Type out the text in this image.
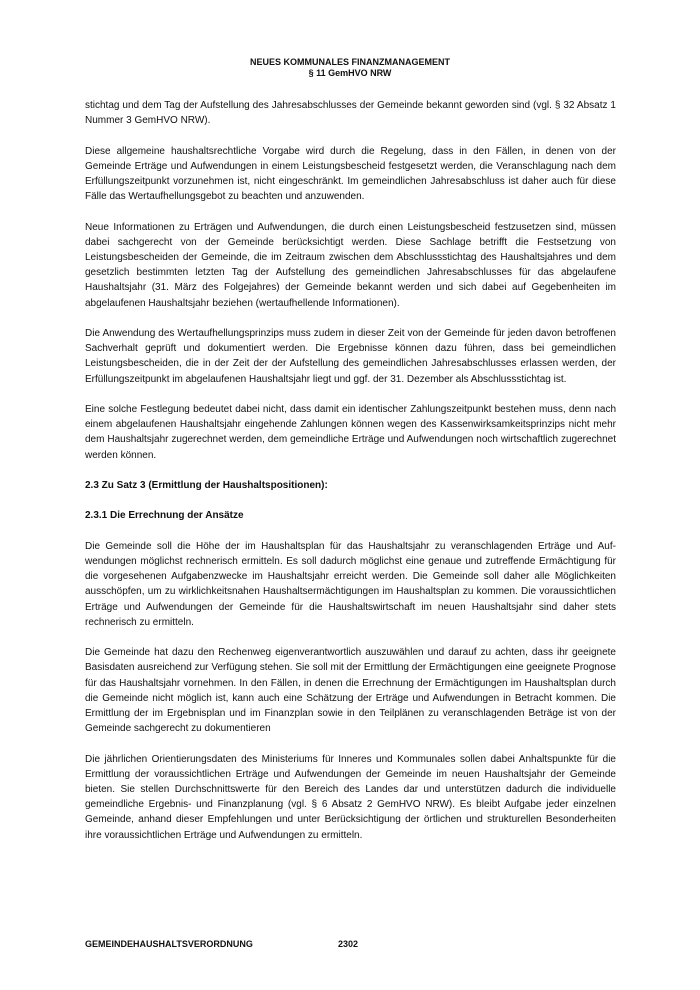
NEUES KOMMUNALES FINANZMANAGEMENT
§ 11 GemHVO NRW

stichtag und dem Tag der Aufstellung des Jahresabschlusses der Gemeinde bekannt geworden sind (vgl. § 32 Absatz 1 Nummer 3 GemHVO NRW).

Diese allgemeine haushaltsrechtliche Vorgabe wird durch die Regelung, dass in den Fällen, in denen von der Gemeinde Erträge und Aufwendungen in einem Leistungsbescheid festgesetzt werden, die Veranschlagung nach dem Erfüllungszeitpunkt vorzunehmen ist, nicht eingeschränkt. Im gemeindlichen Jahresabschluss ist daher auch für diese Fälle das Wertaufhellungsgebot zu beachten und anzuwenden.

Neue Informationen zu Erträgen und Aufwendungen, die durch einen Leistungsbescheid festzusetzen sind, müssen dabei sachgerecht von der Gemeinde berücksichtigt werden. Diese Sachlage betrifft die Festsetzung von Leistungsbescheiden der Gemeinde, die im Zeitraum zwischen dem Abschlussstichtag des Haushaltsjahres und dem gesetzlich bestimmten letzten Tag der Aufstellung des gemeindlichen Jahresabschlusses für das abgelaufene Haushaltsjahr (31. März des Folgejahres) der Gemeinde bekannt werden und sich dabei auf Gegebenheiten im abgelaufenen Haushaltsjahr beziehen (wertaufhellende Informationen).

Die Anwendung des Wertaufhellungsprinzips muss zudem in dieser Zeit von der Gemeinde für jeden davon betroffenen Sachverhalt geprüft und dokumentiert werden. Die Ergebnisse können dazu führen, dass bei gemeindlichen Leistungsbescheiden, die in der Zeit der der Aufstellung des gemeindlichen Jahresabschlusses erlassen werden, der Erfüllungszeitpunkt im abgelaufenen Haushaltsjahr liegt und ggf. der 31. Dezember als Abschlussstichtag ist.

Eine solche Festlegung bedeutet dabei nicht, dass damit ein identischer Zahlungszeitpunkt bestehen muss, denn nach einem abgelaufenen Haushaltsjahr eingehende Zahlungen können wegen des Kassenwirksamkeitsprinzips nicht mehr dem Haushaltsjahr zugerechnet werden, dem gemeindliche Erträge und Aufwendungen noch wirtschaftlich zugerechnet werden können.

2.3 Zu Satz 3 (Ermittlung der Haushaltspositionen):
2.3.1 Die Errechnung der Ansätze

Die Gemeinde soll die Höhe der im Haushaltsplan für das Haushaltsjahr zu veranschlagenden Erträge und Aufwendungen möglichst rechnerisch ermitteln. Es soll dadurch möglichst eine genaue und zutreffende Ermächtigung für die vorgesehenen Aufgabenzwecke im Haushaltsjahr erreicht werden. Die Gemeinde soll daher alle Möglichkeiten ausschöpfen, um zu wirklichkeitsnahen Haushaltsermächtigungen im Haushaltsplan zu kommen. Die voraussichtlichen Erträge und Aufwendungen der Gemeinde für die Haushaltswirtschaft im neuen Haushaltsjahr sind daher stets rechnerisch zu ermitteln.

Die Gemeinde hat dazu den Rechenweg eigenverantwortlich auszuwählen und darauf zu achten, dass ihr geeignete Basisdaten ausreichend zur Verfügung stehen. Sie soll mit der Ermittlung der Ermächtigungen eine geeignete Prognose für das Haushaltsjahr vornehmen. In den Fällen, in denen die Errechnung der Ermächtigungen im Haushaltsplan durch die Gemeinde nicht möglich ist, kann auch eine Schätzung der Erträge und Aufwendungen in Betracht kommen. Die Ermittlung der im Ergebnisplan und im Finanzplan sowie in den Teilplänen zu veranschlagenden Beträge ist von der Gemeinde sachgerecht zu dokumentieren

Die jährlichen Orientierungsdaten des Ministeriums für Inneres und Kommunales sollen dabei Anhaltspunkte für die Ermittlung der voraussichtlichen Erträge und Aufwendungen der Gemeinde im neuen Haushaltsjahr der Gemeinde bieten. Sie stellen Durchschnittswerte für den Bereich des Landes dar und unterstützen dadurch die individuelle gemeindliche Ergebnis- und Finanzplanung (vgl. § 6 Absatz 2 GemHVO NRW). Es bleibt Aufgabe jeder einzelnen Gemeinde, anhand dieser Empfehlungen und unter Berücksichtigung der örtlichen und strukturellen Besonderheiten ihre voraussichtlichen Erträge und Aufwendungen zu ermitteln.

GEMEINDEHAUSHALTSVERORDNUNG	2302
